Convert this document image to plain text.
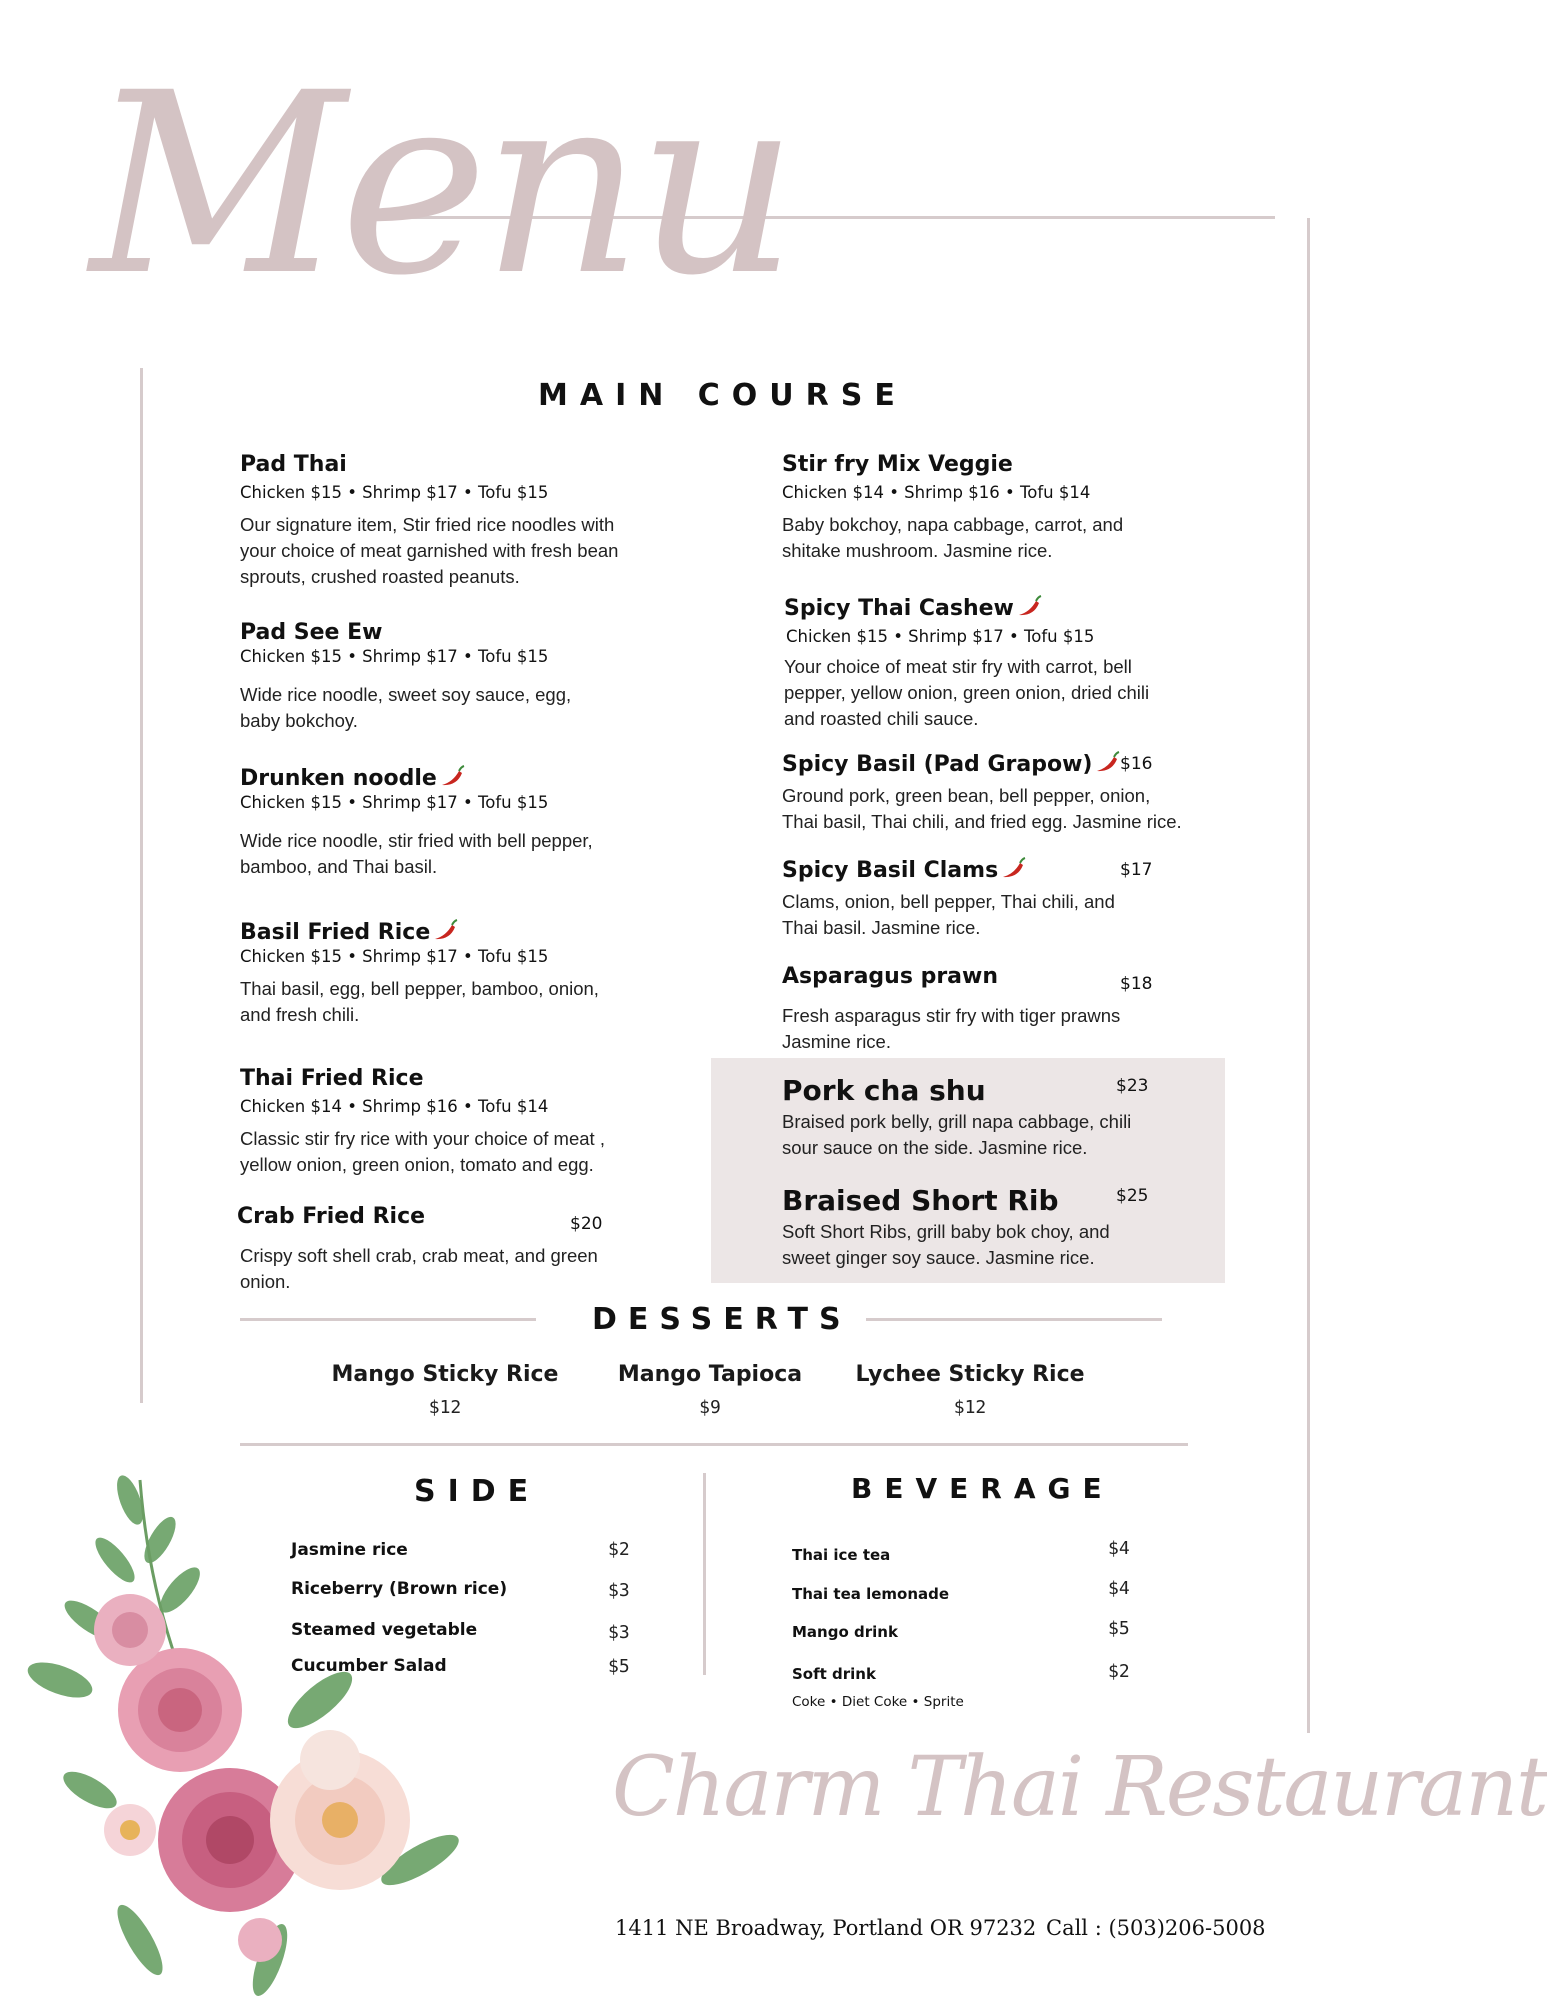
Menu
MAIN COURSE
Pad Thai
Chicken $15 • Shrimp $17 • Tofu $15
Our signature item, Stir fried rice noodles with your choice of meat garnished with fresh bean sprouts, crushed roasted peanuts.
Pad See Ew
Chicken $15 • Shrimp $17 • Tofu $15
Wide rice noodle, sweet soy sauce, egg, baby bokchoy.
Drunken noodle
Chicken $15 • Shrimp $17 • Tofu $15
Wide rice noodle, stir fried with bell pepper, bamboo, and Thai basil.
Basil Fried Rice
Chicken $15 • Shrimp $17 • Tofu $15
Thai basil, egg, bell pepper, bamboo, onion, and fresh chili.
Thai Fried Rice
Chicken $14 • Shrimp $16 • Tofu $14
Classic stir fry rice with your choice of meat , yellow onion, green onion, tomato and egg.
Crab Fried Rice	$20
Crispy soft shell crab, crab meat, and green onion.
Stir fry Mix Veggie
Chicken $14 • Shrimp $16 • Tofu $14
Baby bokchoy, napa cabbage, carrot, and shitake mushroom. Jasmine rice.
Spicy Thai Cashew
Chicken $15 • Shrimp $17 • Tofu $15
Your choice of meat stir fry with carrot, bell pepper, yellow onion, green onion, dried chili and roasted chili sauce.
Spicy Basil (Pad Grapow)	$16
Ground pork, green bean, bell pepper, onion, Thai basil, Thai chili, and fried egg. Jasmine rice.
Spicy Basil Clams	$17
Clams, onion, bell pepper, Thai chili, and Thai basil. Jasmine rice.
Asparagus prawn	$18
Fresh asparagus stir fry with tiger prawns Jasmine rice.
Pork cha shu	$23
Braised pork belly, grill napa cabbage, chili sour sauce on the side. Jasmine rice.
Braised Short Rib	$25
Soft Short Ribs, grill baby bok choy, and sweet ginger soy sauce. Jasmine rice.
DESSERTS
Mango Sticky Rice
$12
Mango Tapioca
$9
Lychee Sticky Rice
$12
SIDE
Jasmine rice	$2
Riceberry (Brown rice)	$3
Steamed vegetable	$3
Cucumber Salad	$5
BEVERAGE
Thai ice tea	$4
Thai tea lemonade	$4
Mango drink	$5
Soft drink	$2
Coke • Diet Coke • Sprite
Charm Thai Restaurant
1411 NE Broadway, Portland OR 97232 Call : (503)206-5008
